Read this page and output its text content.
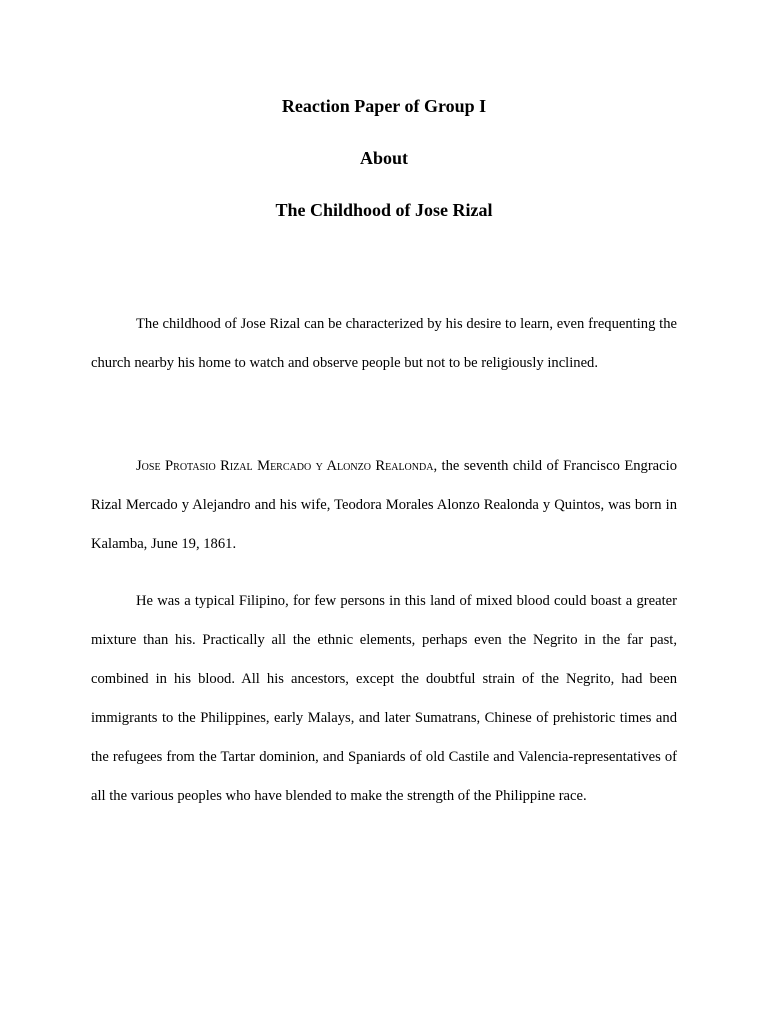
Reaction Paper of Group I
About
The Childhood of Jose Rizal

The childhood of Jose Rizal can be characterized by his desire to learn, even frequenting the church nearby his home to watch and observe people but not to be religiously inclined.

Jose Protasio Rizal Mercado y Alonzo Realonda, the seventh child of Francisco Engracio Rizal Mercado y Alejandro and his wife, Teodora Morales Alonzo Realonda y Quintos, was born in Kalamba, June 19, 1861.

He was a typical Filipino, for few persons in this land of mixed blood could boast a greater mixture than his. Practically all the ethnic elements, perhaps even the Negrito in the far past, combined in his blood. All his ancestors, except the doubtful strain of the Negrito, had been immigrants to the Philippines, early Malays, and later Sumatrans, Chinese of prehistoric times and the refugees from the Tartar dominion, and Spaniards of old Castile and Valencia-representatives of all the various peoples who have blended to make the strength of the Philippine race.
